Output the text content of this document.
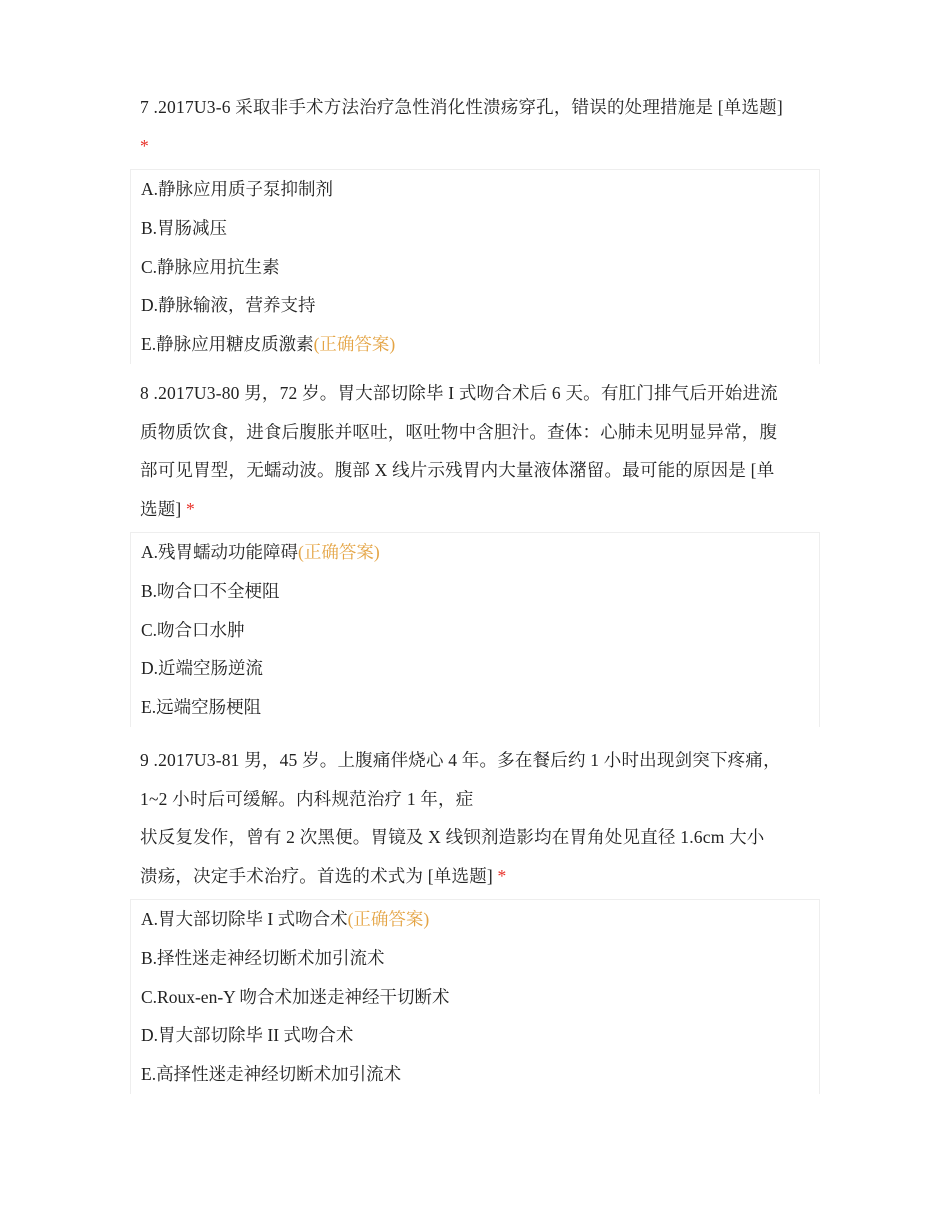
7 .2017U3-6 采取非手术方法治疗急性消化性溃疡穿孔，错误的处理措施是 [单选题]
*
A.静脉应用质子泵抑制剂
B.胃肠减压
C.静脉应用抗生素
D.静脉输液，营养支持
E.静脉应用糖皮质激素(正确答案)
8 .2017U3-80 男，72 岁。胃大部切除毕 I 式吻合术后 6 天。有肛门排气后开始进流
质物质饮食，进食后腹胀并呕吐，呕吐物中含胆汁。查体：心肺未见明显异常，腹
部可见胃型，无蠕动波。腹部 X 线片示残胃内大量液体潴留。最可能的原因是 [单
选题] *
A.残胃蠕动功能障碍(正确答案)
B.吻合口不全梗阻
C.吻合口水肿
D.近端空肠逆流
E.远端空肠梗阻
9 .2017U3-81 男，45 岁。上腹痛伴烧心 4 年。多在餐后约 1 小时出现剑突下疼痛，
1~2 小时后可缓解。内科规范治疗 1 年，症
状反复发作，曾有 2 次黑便。胃镜及 X 线钡剂造影均在胃角处见直径 1.6cm 大小
溃疡，决定手术治疗。首选的术式为 [单选题] *
A.胃大部切除毕 I 式吻合术(正确答案)
B.择性迷走神经切断术加引流术
C.Roux-en-Y 吻合术加迷走神经干切断术
D.胃大部切除毕 II 式吻合术
E.高择性迷走神经切断术加引流术
